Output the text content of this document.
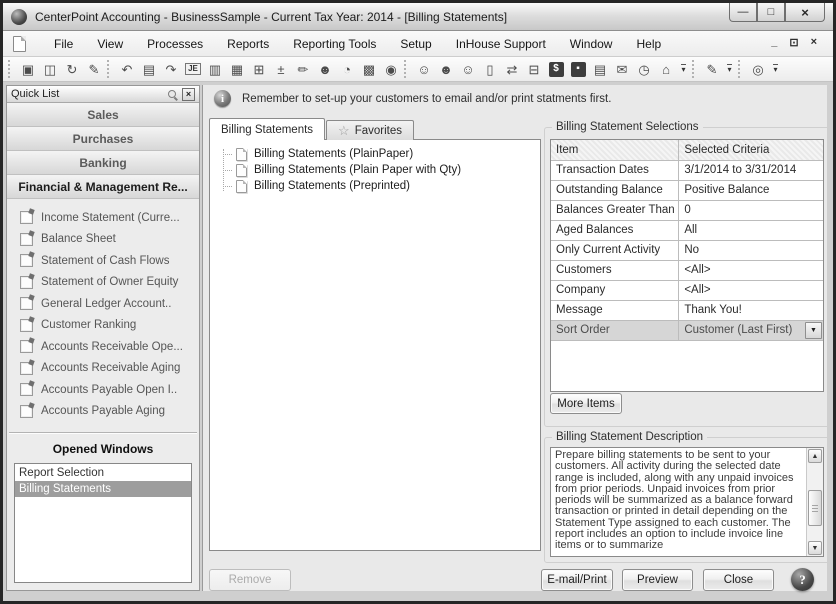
CenterPoint Accounting - BusinessSample - Current Tax Year: 2014 - [Billing Statements]	—	□	×
File	View	Processes	Reports	Reporting Tools	Setup	InHouse Support	Window	Help	_ ⊡ ×
▣ ◫ ↻ ✎ ↶ ▤ ↷	JE ▥ ▦ ⊞ ± ✏ ☻ ◔ ▩ ◉ ☺ ☻ ☺ ▯ ⇄ ⊟	$	▪	▤ ✉ ◷ ⌂ ▾ ✎ ▾ ◎ ▾
Quick List	×
Sales
Purchases
Banking
Financial & Management Re...
Income Statement (Curre...
Balance Sheet
Statement of Cash Flows
Statement of Owner Equity
General Ledger Account..
Customer Ranking
Accounts Receivable Ope...
Accounts Receivable Aging
Accounts Payable Open I..
Accounts Payable Aging
Opened Windows
Report Selection
Billing Statements
i	Remember to set-up your customers to email and/or print statments first.
Billing Statements ☆ Favorites
Billing Statements (PlainPaper)
Billing Statements (Plain Paper with Qty)
Billing Statements (Preprinted)
Billing Statement Selections
Item	Selected Criteria
Transaction Dates	3/1/2014 to 3/31/2014
Outstanding Balance	Positive Balance
Balances Greater Than	0
Aged Balances	All
Only Current Activity	No
Customers	<All>
Company	<All>
Message	Thank You!
Sort Order	Customer (Last First) ▼
More Items
Billing Statement Description
Prepare billing statements to be sent to your customers. All activity during the selected date range is included, along with any unpaid invoices from prior periods. Unpaid invoices from prior periods will be summarized as a balance forward transaction or printed in detail depending on the Statement Type assigned to each customer. The report includes an option to include invoice line items or to summarize
▲
▼
Remove	E-mail/Print	Preview	Close	?
